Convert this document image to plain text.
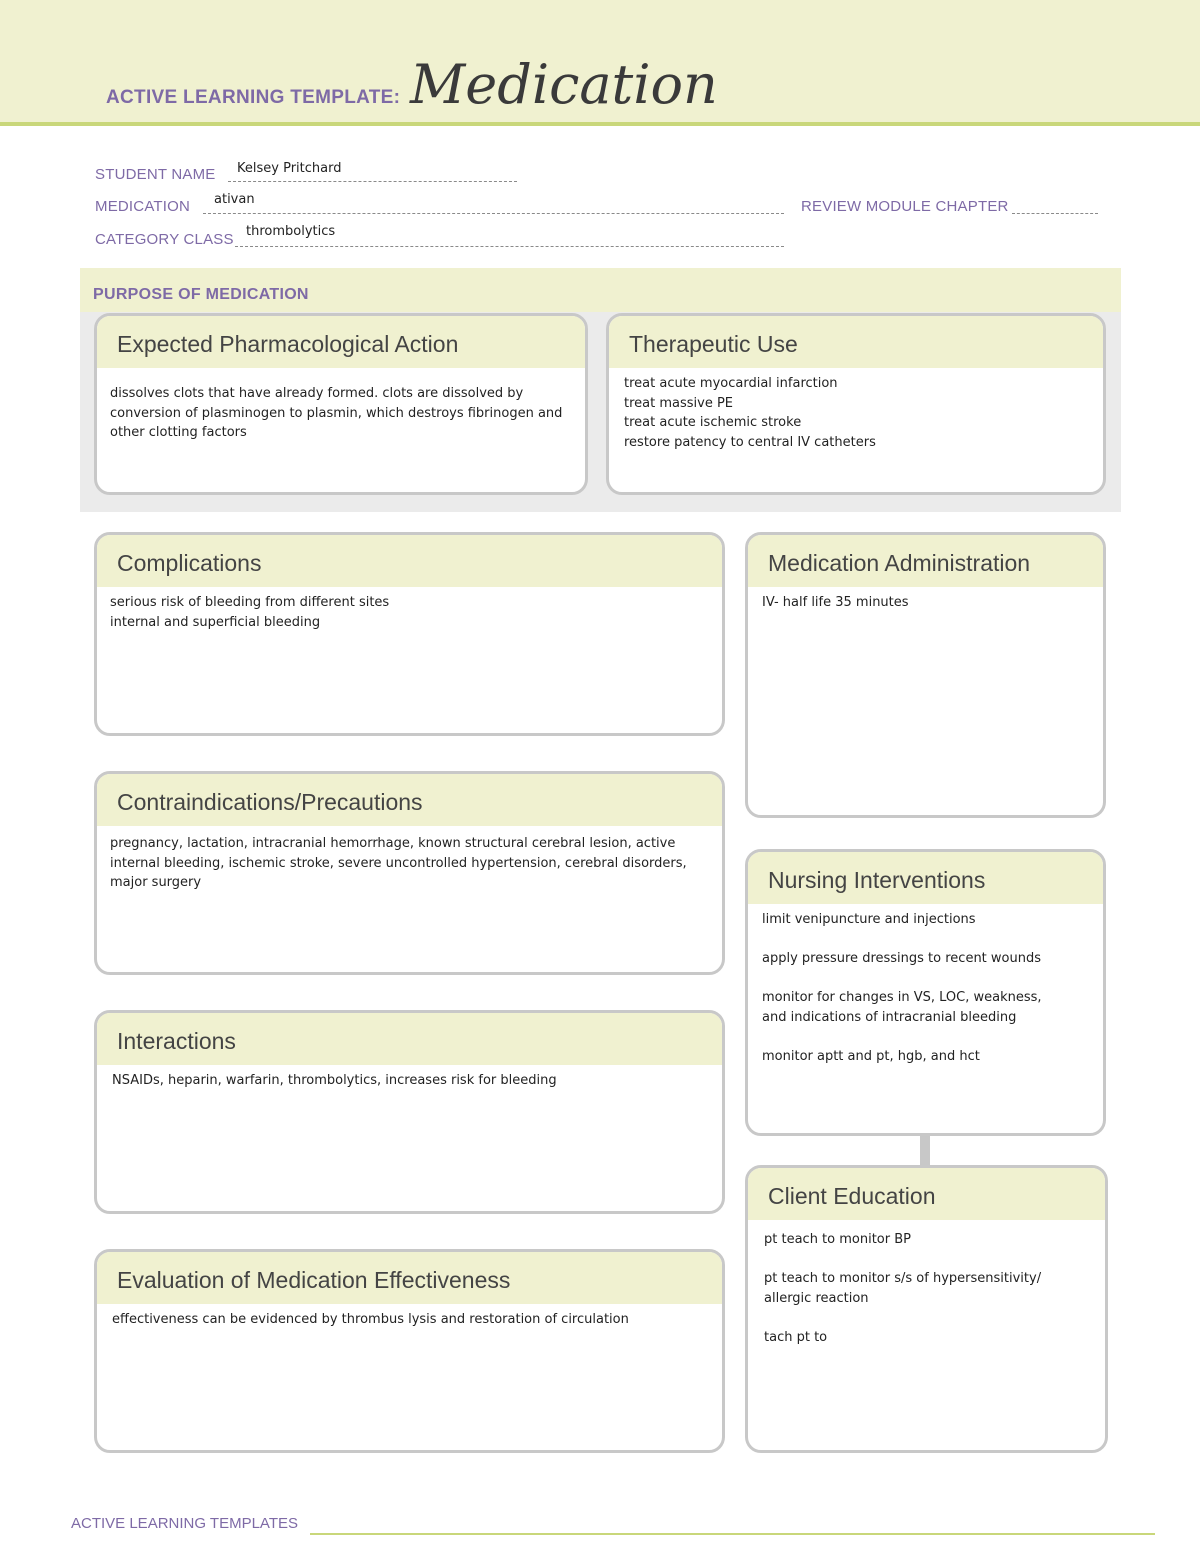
ACTIVE LEARNING TEMPLATE: Medication
STUDENT NAME Kelsey Pritchard
MEDICATION ativan	REVIEW MODULE CHAPTER
CATEGORY CLASS thrombolytics
PURPOSE OF MEDICATION
Expected Pharmacological Action

dissolves clots that have already formed. clots are dissolved by

conversion of plasminogen to plasmin, which destroys fibrinogen and

other clotting factors

Therapeutic Use

treat acute myocardial infarction

treat massive PE

treat acute ischemic stroke

restore patency to central IV catheters

Complications

serious risk of bleeding from different sites

internal and superficial bleeding

Medication Administration

IV- half life 35 minutes

Contraindications/Precautions

pregnancy, lactation, intracranial hemorrhage, known structural cerebral lesion, active

internal bleeding, ischemic stroke, severe uncontrolled hypertension, cerebral disorders,

major surgery	Nursing Interventions

limit venipuncture and injections

apply pressure dressings to recent wounds

monitor for changes in VS, LOC, weakness,

and indications of intracranial bleeding

monitor aptt and pt, hgb, and hct

Interactions

NSAIDs, heparin, warfarin, thrombolytics, increases risk for bleeding

Client Education

pt teach to monitor BP

pt teach to monitor s/s of hypersensitivity/

allergic reaction

tach pt to

Evaluation of Medication Effectiveness

effectiveness can be evidenced by thrombus lysis and restoration of circulation

ACTIVE LEARNING TEMPLATES
